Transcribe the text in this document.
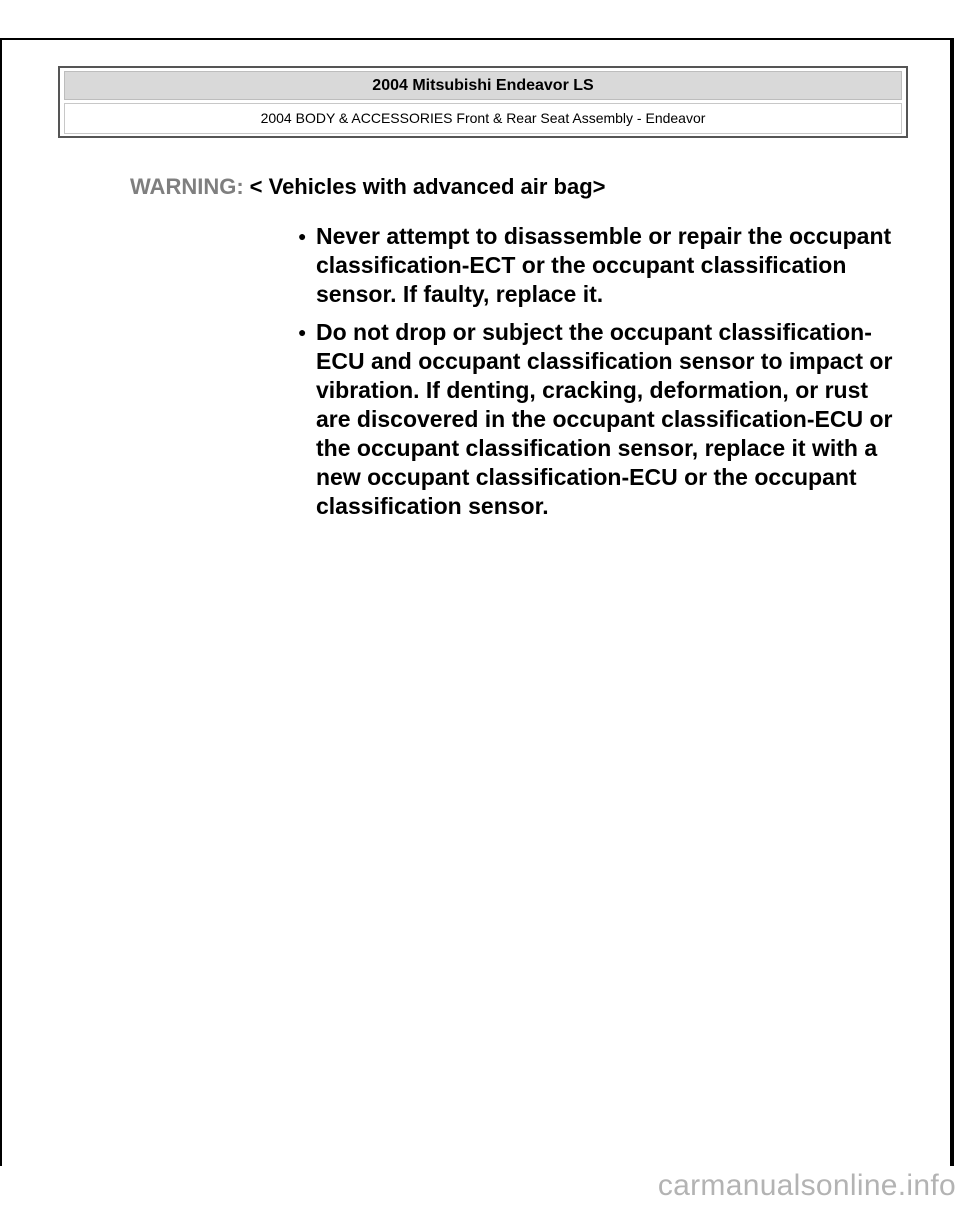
2004 Mitsubishi Endeavor LS
2004 BODY & ACCESSORIES Front & Rear Seat Assembly - Endeavor
WARNING: < Vehicles with advanced air bag>
● Never attempt to disassemble or repair the occupant classification-ECT or the occupant classification sensor. If faulty, replace it.
● Do not drop or subject the occupant classification-ECU and occupant classification sensor to impact or vibration. If denting, cracking, deformation, or rust are discovered in the occupant classification-ECU or the occupant classification sensor, replace it with a new occupant classification-ECU or the occupant classification sensor.
carmanualsonline.info
